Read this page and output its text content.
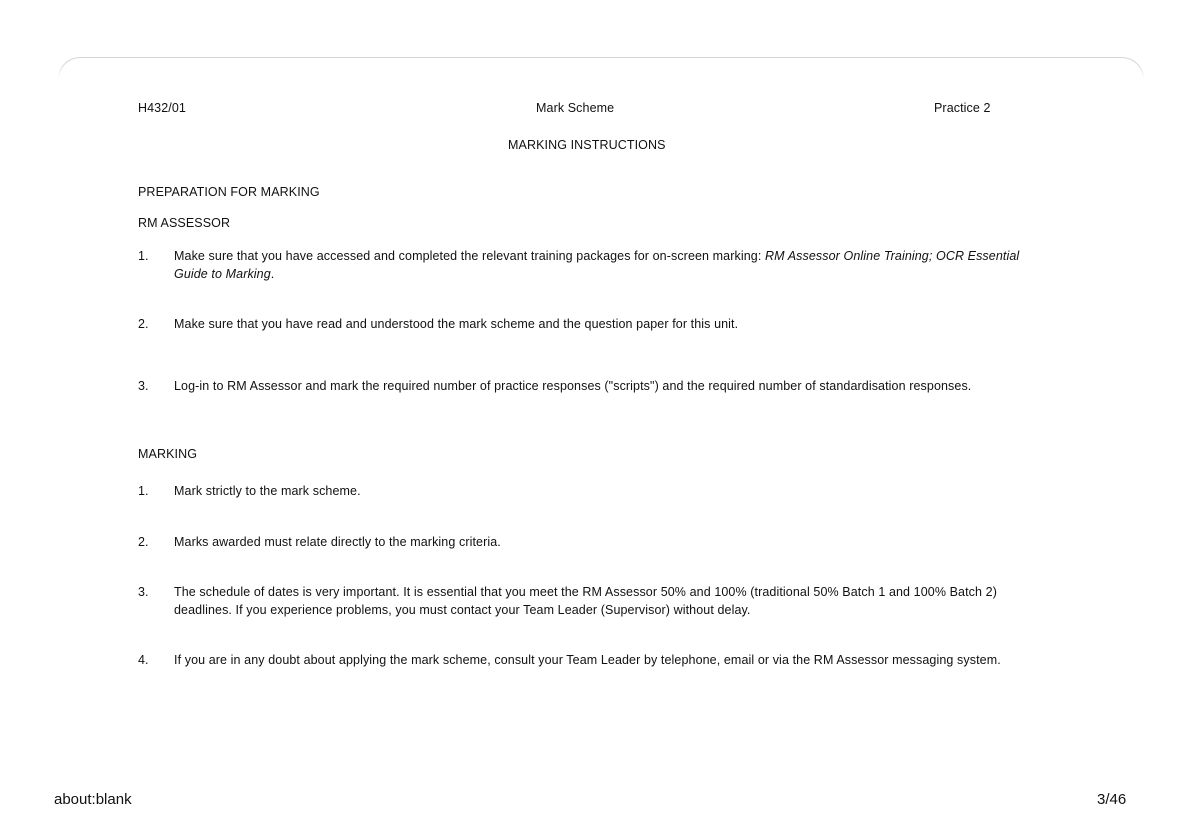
H432/01	Mark Scheme	Practice 2
MARKING INSTRUCTIONS
PREPARATION FOR MARKING
RM ASSESSOR
1. Make sure that you have accessed and completed the relevant training packages for on-screen marking: RM Assessor Online Training; OCR Essential Guide to Marking.
2. Make sure that you have read and understood the mark scheme and the question paper for this unit.
3. Log-in to RM Assessor and mark the required number of practice responses ("scripts") and the required number of standardisation responses.
MARKING
1. Mark strictly to the mark scheme.
2. Marks awarded must relate directly to the marking criteria.
3. The schedule of dates is very important. It is essential that you meet the RM Assessor 50% and 100% (traditional 50% Batch 1 and 100% Batch 2) deadlines. If you experience problems, you must contact your Team Leader (Supervisor) without delay.
4. If you are in any doubt about applying the mark scheme, consult your Team Leader by telephone, email or via the RM Assessor messaging system.
about:blank	3/46
